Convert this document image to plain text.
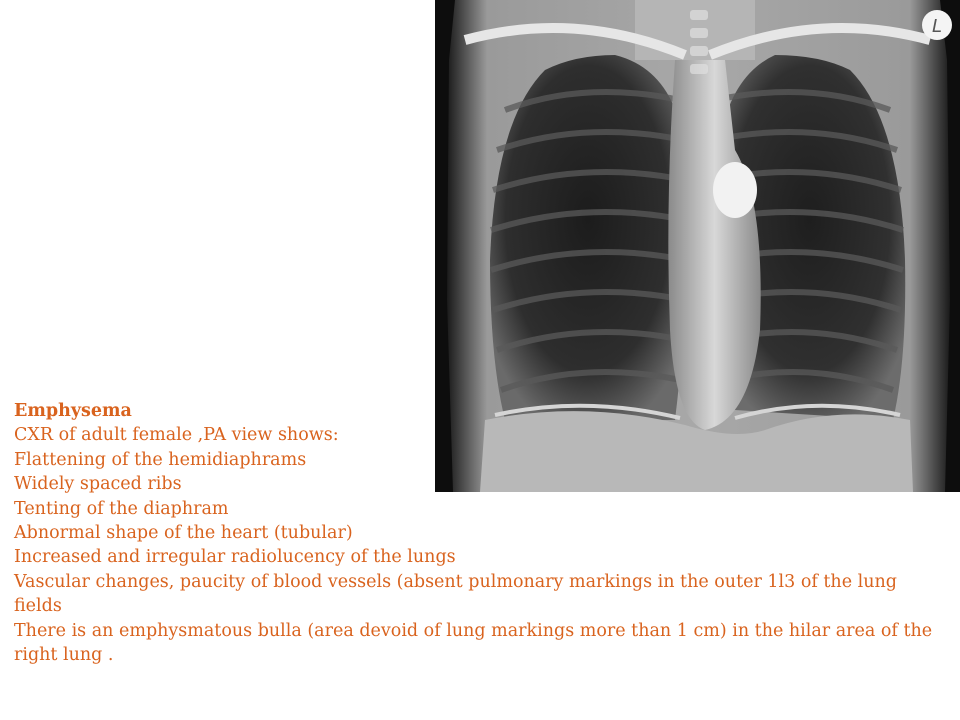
L
Emphysema
CXR of adult female ,PA view shows:
Flattening of the hemidiaphrams
Widely spaced ribs
Tenting of the diaphram
Abnormal shape of the heart (tubular)
Increased and irregular radiolucency of the lungs
Vascular changes, paucity of blood vessels (absent pulmonary markings in the outer 1l3 of the lung fields
There is an emphysmatous bulla (area devoid of lung markings more than 1 cm) in the hilar area of the right lung .
